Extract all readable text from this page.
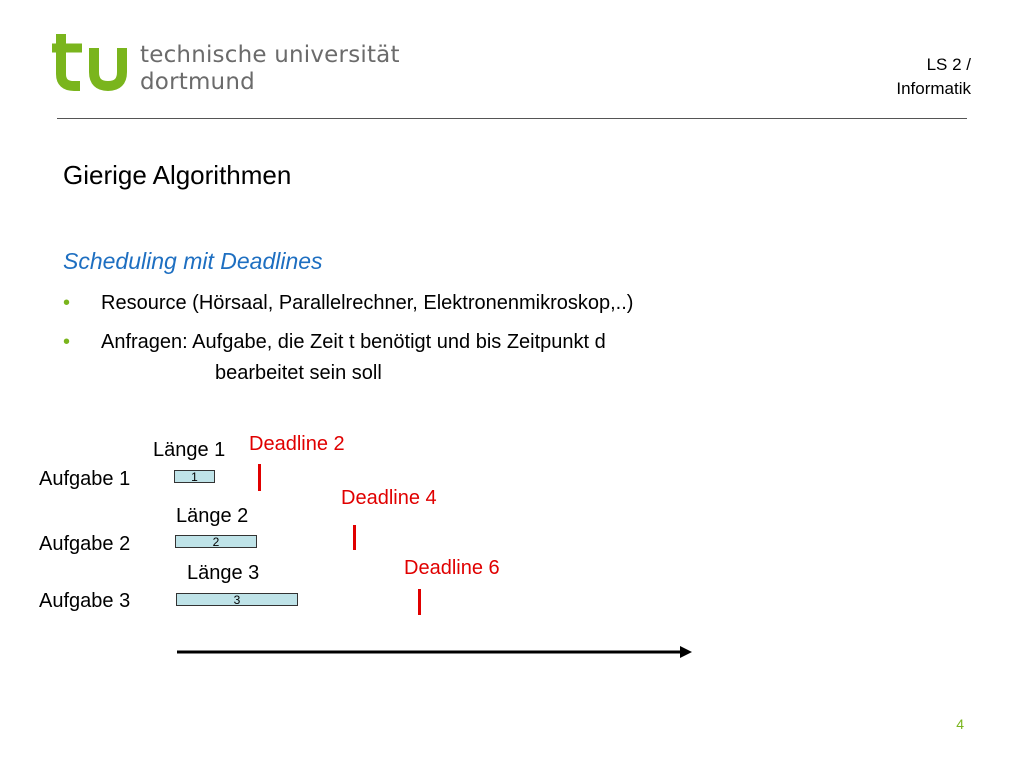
technische universität
dortmund
LS 2 /
Informatik
Gierige Algorithmen
Scheduling mit Deadlines
• Resource (Hörsaal, Parallelrechner, Elektronenmikroskop,..)
• Anfragen: Aufgabe, die Zeit t benötigt und bis Zeitpunkt d
bearbeitet sein soll
Länge 1 Deadline 2
Aufgabe 1	1
Deadline 4
Länge 2
Aufgabe 2	2
Deadline 6
Länge 3
Aufgabe 3	3
4
